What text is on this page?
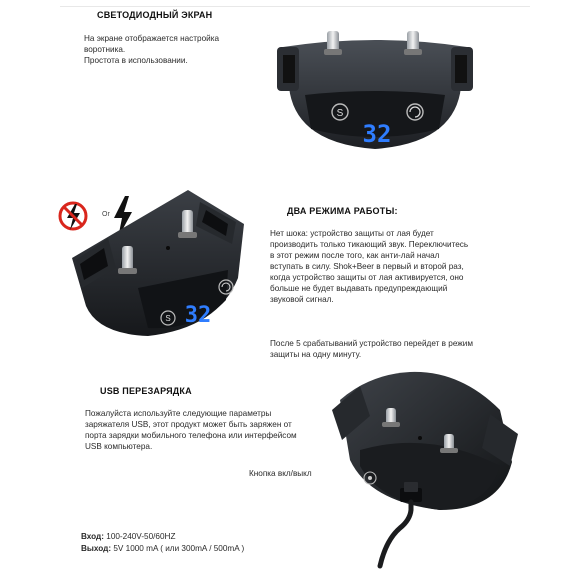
СВЕТОДИОДНЫЙ ЭКРАН
На экране отображается настройка
воротника.
Простота в использовании.
S
32
Or
S 32
ДВА РЕЖИМА РАБОТЫ:
Нет шока: устройство защиты от лая будет
производить только тикающий звук. Переключитесь
в этот режим после того, как анти-лай начал
вступать в силу. Shok+Beer в первый и второй раз,
когда устройство защиты от лая активируется, оно
больше не будет выдавать предупреждающий
звуковой сигнал.
После 5 срабатываний устройство перейдет в режим
защиты на одну минуту.
USB ПЕРЕЗАРЯДКА
Пожалуйста используйте следующие параметры
заряжателя USB, этот продукт может быть заряжен от
порта зарядки мобильного телефона или интерфейсом
USB компьютера.
Кнопка вкл/выкл
Вход: 100-240V-50/60HZ
Выход: 5V 1000 mA ( или 300mA / 500mA )
